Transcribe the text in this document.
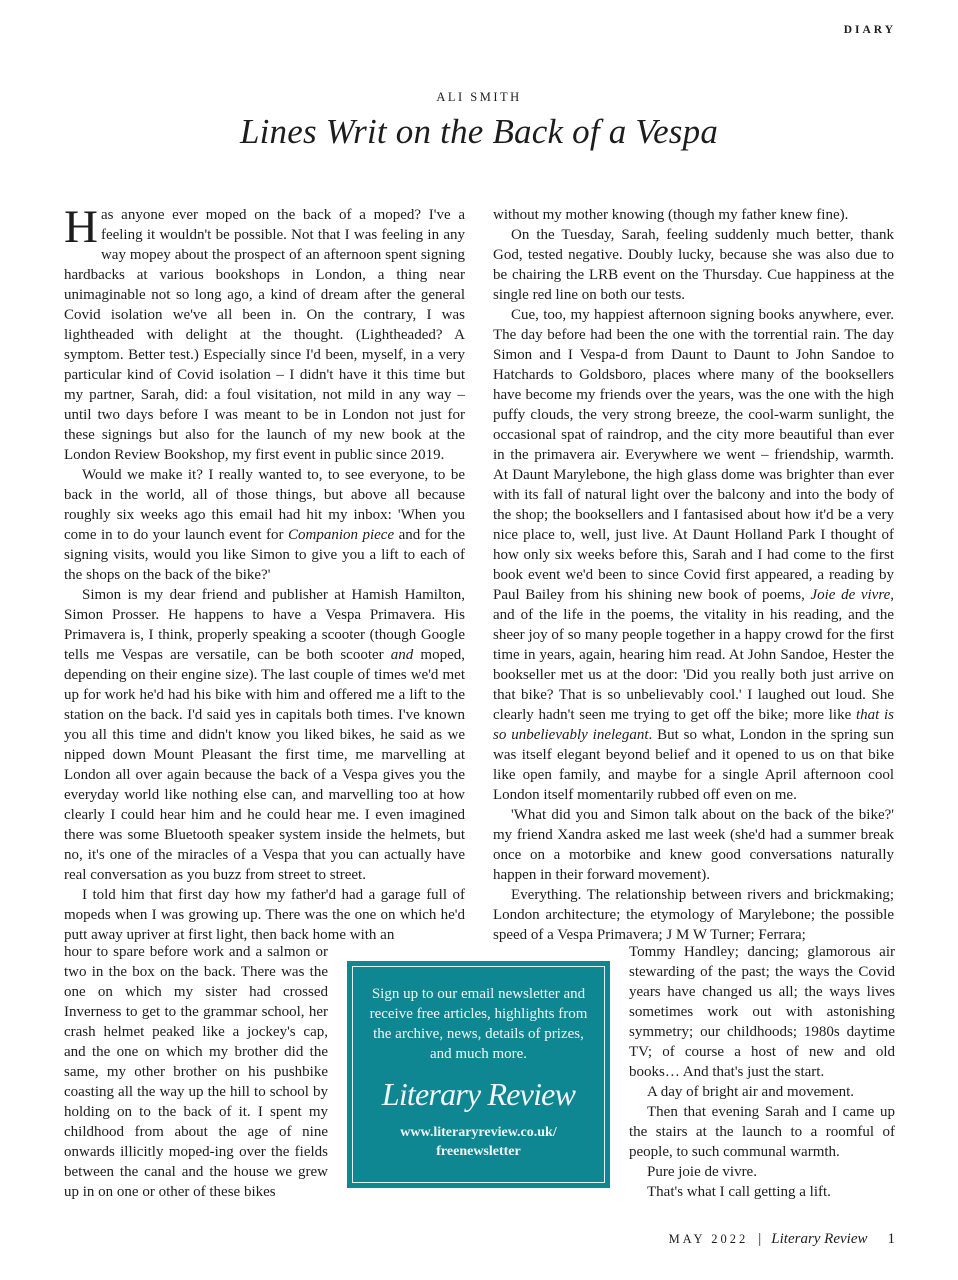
DIARY
ALI SMITH
Lines Writ on the Back of a Vespa

Has anyone ever moped on the back of a moped? I've a feeling it wouldn't be possible. Not that I was feeling in any way mopey about the prospect of an afternoon spent signing hardbacks at various bookshops in London, a thing near unimaginable not so long ago, a kind of dream after the general Covid isolation we've all been in. On the contrary, I was lightheaded with delight at the thought. (Lightheaded? A symptom. Better test.) Especially since I'd been, myself, in a very particular kind of Covid isolation – I didn't have it this time but my partner, Sarah, did: a foul visitation, not mild in any way – until two days before I was meant to be in London not just for these signings but also for the launch of my new book at the London Review Bookshop, my first event in public since 2019.

Would we make it? I really wanted to, to see everyone, to be back in the world, all of those things, but above all because roughly six weeks ago this email had hit my inbox: 'When you come in to do your launch event for Companion piece and for the signing visits, would you like Simon to give you a lift to each of the shops on the back of the bike?'

Simon is my dear friend and publisher at Hamish Hamilton, Simon Prosser. He happens to have a Vespa Primavera. His Primavera is, I think, properly speaking a scooter (though Google tells me Vespas are versatile, can be both scooter and moped, depending on their engine size). The last couple of times we'd met up for work he'd had his bike with him and offered me a lift to the station on the back. I'd said yes in capitals both times. I've known you all this time and didn't know you liked bikes, he said as we nipped down Mount Pleasant the first time, me marvelling at London all over again because the back of a Vespa gives you the everyday world like nothing else can, and marvelling too at how clearly I could hear him and he could hear me. I even imagined there was some Bluetooth speaker system inside the helmets, but no, it's one of the miracles of a Vespa that you can actually have real conversation as you buzz from street to street.

I told him that first day how my father'd had a garage full of mopeds when I was growing up. There was the one on which he'd putt away upriver at first light, then back home with an

hour to spare before work and a salmon or two in the box on the back. There was the one on which my sister had crossed Inverness to get to the grammar school, her crash helmet peaked like a jockey's cap, and the one on which my brother did the same, my other brother on his pushbike coasting all the way up the hill to school by holding on to the back of it. I spent my childhood from about the age of nine onwards illicitly moped-ing over the fields between the canal and the house we grew up in on one or other of these bikes

without my mother knowing (though my father knew fine).

On the Tuesday, Sarah, feeling suddenly much better, thank God, tested negative. Doubly lucky, because she was also due to be chairing the LRB event on the Thursday. Cue happiness at the single red line on both our tests.

Cue, too, my happiest afternoon signing books anywhere, ever. The day before had been the one with the torrential rain. The day Simon and I Vespa-d from Daunt to Daunt to John Sandoe to Hatchards to Goldsboro, places where many of the booksellers have become my friends over the years, was the one with the high puffy clouds, the very strong breeze, the cool-warm sunlight, the occasional spat of raindrop, and the city more beautiful than ever in the primavera air. Everywhere we went – friendship, warmth. At Daunt Marylebone, the high glass dome was brighter than ever with its fall of natural light over the balcony and into the body of the shop; the booksellers and I fantasised about how it'd be a very nice place to, well, just live. At Daunt Holland Park I thought of how only six weeks before this, Sarah and I had come to the first book event we'd been to since Covid first appeared, a reading by Paul Bailey from his shining new book of poems, Joie de vivre, and of the life in the poems, the vitality in his reading, and the sheer joy of so many people together in a happy crowd for the first time in years, again, hearing him read. At John Sandoe, Hester the bookseller met us at the door: 'Did you really both just arrive on that bike? That is so unbelievably cool.' I laughed out loud. She clearly hadn't seen me trying to get off the bike; more like that is so unbelievably inelegant. But so what, London in the spring sun was itself elegant beyond belief and it opened to us on that bike like open family, and maybe for a single April afternoon cool London itself momentarily rubbed off even on me.

'What did you and Simon talk about on the back of the bike?' my friend Xandra asked me last week (she'd had a summer break once on a motorbike and knew good conversations naturally happen in their forward movement).

Everything. The relationship between rivers and brickmaking; London architecture; the etymology of Marylebone; the possible speed of a Vespa Primavera; J M W Turner; Ferrara;

Tommy Handley; dancing; glamorous air stewarding of the past; the ways the Covid years have changed us all; the ways lives sometimes work out with astonishing symmetry; our childhoods; 1980s daytime TV; of course a host of new and old books… And that's just the start.

A day of bright air and movement.

Then that evening Sarah and I came up the stairs at the launch to a roomful of people, to such communal warmth.

Pure joie de vivre.

That's what I call getting a lift.

Sign up to our email newsletter and receive free articles, highlights from the archive, news, details of prizes, and much more.
Literary Review
www.literaryreview.co.uk/
freenewsletter
MAY 2022 | Literary Review 1
